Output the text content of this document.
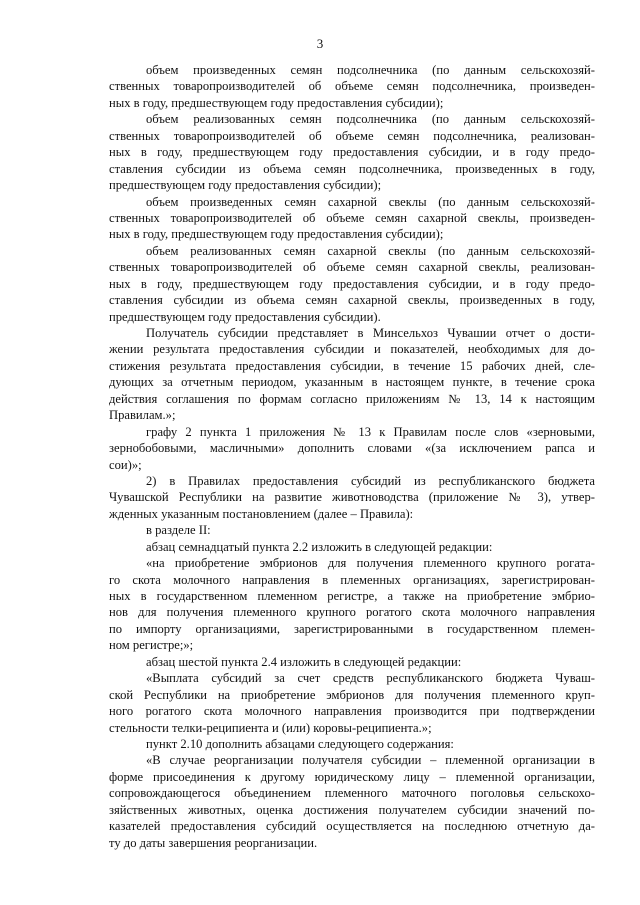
3
объем произведенных семян подсолнечника (по данным сельскохозяй-
ственных товаропроизводителей об объеме семян подсолнечника, произведен-
ных в году, предшествующем году предоставления субсидии);
объем реализованных семян подсолнечника (по данным сельскохозяй-
ственных товаропроизводителей об объеме семян подсолнечника, реализован-
ных в году, предшествующем году предоставления субсидии, и в году предо-
ставления субсидии из объема семян подсолнечника, произведенных в году,
предшествующем году предоставления субсидии);
объем произведенных семян сахарной свеклы (по данным сельскохозяй-
ственных товаропроизводителей об объеме семян сахарной свеклы, произведен-
ных в году, предшествующем году предоставления субсидии);
объем реализованных семян сахарной свеклы (по данным сельскохозяй-
ственных товаропроизводителей об объеме семян сахарной свеклы, реализован-
ных в году, предшествующем году предоставления субсидии, и в году предо-
ставления субсидии из объема семян сахарной свеклы, произведенных в году,
предшествующем году предоставления субсидии).
Получатель субсидии представляет в Минсельхоз Чувашии отчет о дости-
жении результата предоставления субсидии и показателей, необходимых для до-
стижения результата предоставления субсидии, в течение 15 рабочих дней, сле-
дующих за отчетным периодом, указанным в настоящем пункте, в течение срока
действия соглашения по формам согласно приложениям № 13, 14 к настоящим
Правилам.»;
графу 2 пункта 1 приложения № 13 к Правилам после слов «зерновыми,
зернобобовыми, масличными» дополнить словами «(за исключением рапса и
сои)»;
2) в Правилах предоставления субсидий из республиканского бюджета
Чувашской Республики на развитие животноводства (приложение № 3), утвер-
жденных указанным постановлением (далее – Правила):
в разделе II:
абзац семнадцатый пункта 2.2 изложить в следующей редакции:
«на приобретение эмбрионов для получения племенного крупного рогата-
го скота молочного направления в племенных организациях, зарегистрирован-
ных в государственном племенном регистре, а также на приобретение эмбрио-
нов для получения племенного крупного рогатого скота молочного направления
по импорту организациями, зарегистрированными в государственном племен-
ном регистре;»;
абзац шестой пункта 2.4 изложить в следующей редакции:
«Выплата субсидий за счет средств республиканского бюджета Чуваш-
ской Республики на приобретение эмбрионов для получения племенного круп-
ного рогатого скота молочного направления производится при подтверждении
стельности телки-реципиента и (или) коровы-реципиента.»;
пункт 2.10 дополнить абзацами следующего содержания:
«В случае реорганизации получателя субсидии – племенной организации в
форме присоединения к другому юридическому лицу – племенной организации,
сопровождающегося объединением племенного маточного поголовья сельскохо-
зяйственных животных, оценка достижения получателем субсидии значений по-
казателей предоставления субсидий осуществляется на последнюю отчетную да-
ту до даты завершения реорганизации.
